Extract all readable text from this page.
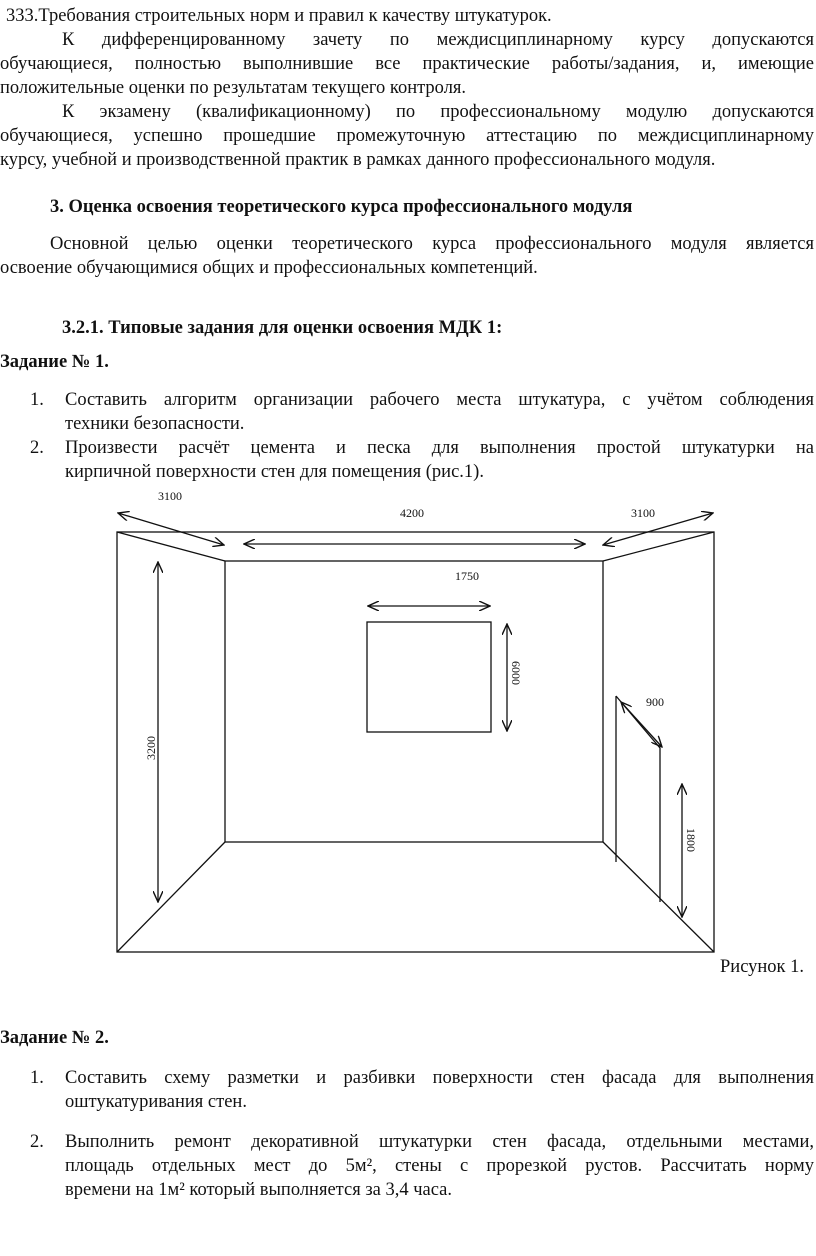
333.Требования строительных норм и правил к качеству штукатурок.
К дифференцированному зачету по междисциплинарному курсу допускаются
обучающиеся, полностью выполнившие все практические работы/задания, и, имеющие
положительные оценки по результатам текущего контроля.
К экзамену (квалификационному) по профессиональному модулю допускаются
обучающиеся, успешно прошедшие промежуточную аттестацию по междисциплинарному
курсу, учебной и производственной практик в рамках данного профессионального модуля.
3. Оценка освоения теоретического курса профессионального модуля
Основной целью оценки теоретического курса профессионального модуля является
освоение обучающимися общих и профессиональных компетенций.
3.2.1. Типовые задания для оценки освоения МДК 1:
Задание № 1.
1. Составить алгоритм организации рабочего места штукатура, с учётом соблюдения
техники безопасности.
2. Произвести расчёт цемента и песка для выполнения простой штукатурки на
кирпичной поверхности стен для помещения (рис.1).
3100
4200	3100
1750
6000
3200
900
1800
Рисунок 1.
Задание № 2.
1. Составить схему разметки и разбивки поверхности стен фасада для выполнения
оштукатуривания стен.
2. Выполнить ремонт декоративной штукатурки стен фасада, отдельными местами,
площадь отдельных мест до 5м², стены с прорезкой рустов. Рассчитать норму
времени на 1м² который выполняется за 3,4 часа.
